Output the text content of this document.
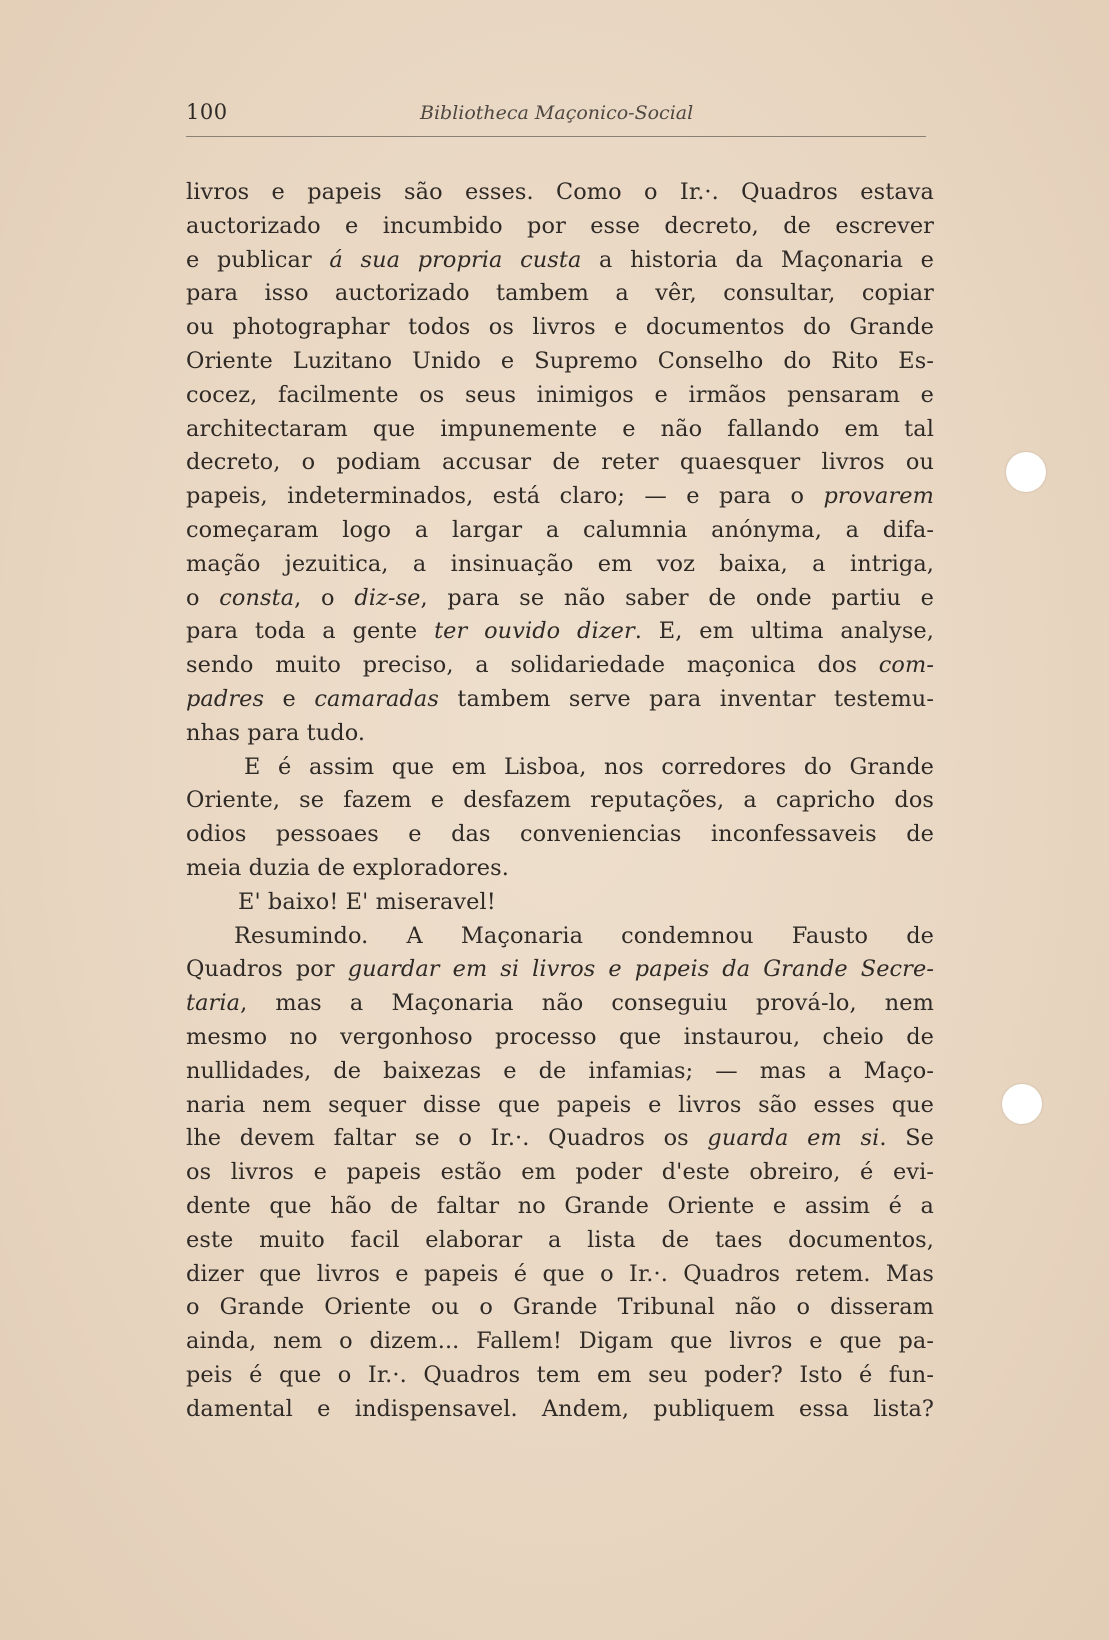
100	Bibliotheca Maçonico-Social

livros e papeis são esses. Como o Ir.·. Quadros estava

auctorizado e incumbido por esse decreto, de escrever

e publicar á sua propria custa a historia da Maçonaria e

para isso auctorizado tambem a vêr, consultar, copiar

ou photographar todos os livros e documentos do Grande

Oriente Luzitano Unido e Supremo Conselho do Rito Es-

cocez, facilmente os seus inimigos e irmãos pensaram e

architectaram que impunemente e não fallando em tal

decreto, o podiam accusar de reter quaesquer livros ou

papeis, indeterminados, está claro; — e para o provarem

começaram logo a largar a calumnia anónyma, a difa-

mação jezuitica, a insinuação em voz baixa, a intriga,

o consta, o diz-se, para se não saber de onde partiu e

para toda a gente ter ouvido dizer. E, em ultima analyse,

sendo muito preciso, a solidariedade maçonica dos com-

padres e camaradas tambem serve para inventar testemu-

nhas para tudo.

E é assim que em Lisboa, nos corredores do Grande

Oriente, se fazem e desfazem reputações, a capricho dos

odios pessoaes e das conveniencias inconfessaveis de

meia duzia de exploradores.

E' baixo! E' miseravel!

Resumindo. A Maçonaria condemnou Fausto de

Quadros por guardar em si livros e papeis da Grande Secre-

taria, mas a Maçonaria não conseguiu prová-lo, nem

mesmo no vergonhoso processo que instaurou, cheio de

nullidades, de baixezas e de infamias; — mas a Maço-

naria nem sequer disse que papeis e livros são esses que

lhe devem faltar se o Ir.·. Quadros os guarda em si. Se

os livros e papeis estão em poder d'este obreiro, é evi-

dente que hão de faltar no Grande Oriente e assim é a

este muito facil elaborar a lista de taes documentos,

dizer que livros e papeis é que o Ir.·. Quadros retem. Mas

o Grande Oriente ou o Grande Tribunal não o disseram

ainda, nem o dizem... Fallem! Digam que livros e que pa-

peis é que o Ir.·. Quadros tem em seu poder? Isto é fun-

damental e indispensavel. Andem, publiquem essa lista?
